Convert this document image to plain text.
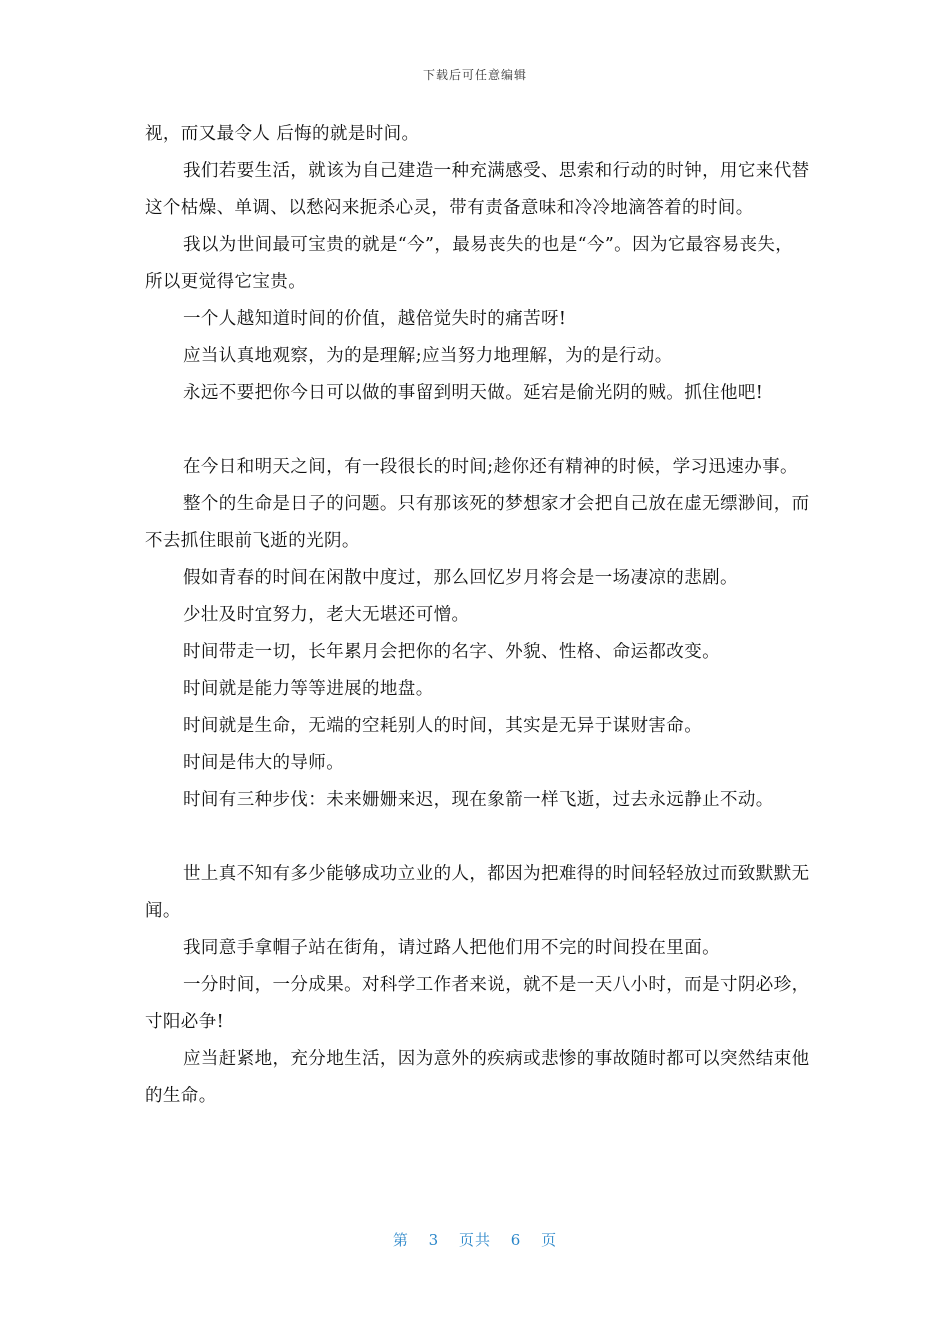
下载后可任意编辑

视，而又最令人 后悔的就是时间。

我们若要生活，就该为自己建造一种充满感受、思索和行动的时钟，用它来代替这个枯燥、单调、以愁闷来扼杀心灵，带有责备意味和冷冷地滴答着的时间。

我以为世间最可宝贵的就是“今”，最易丧失的也是“今”。因为它最容易丧失，所以更觉得它宝贵。

一个人越知道时间的价值，越倍觉失时的痛苦呀!

应当认真地观察，为的是理解;应当努力地理解，为的是行动。

永远不要把你今日可以做的事留到明天做。延宕是偷光阴的贼。抓住他吧!

在今日和明天之间，有一段很长的时间;趁你还有精神的时候，学习迅速办事。

整个的生命是日子的问题。只有那该死的梦想家才会把自己放在虚无缥渺间，而不去抓住眼前飞逝的光阴。

假如青春的时间在闲散中度过，那么回忆岁月将会是一场凄凉的悲剧。

少壮及时宜努力，老大无堪还可憎。

时间带走一切，长年累月会把你的名字、外貌、性格、命运都改变。

时间就是能力等等进展的地盘。

时间就是生命，无端的空耗别人的时间，其实是无异于谋财害命。

时间是伟大的导师。

时间有三种步伐：未来姗姗来迟，现在象箭一样飞逝，过去永远静止不动。

世上真不知有多少能够成功立业的人，都因为把难得的时间轻轻放过而致默默无闻。

我同意手拿帽子站在街角，请过路人把他们用不完的时间投在里面。

一分时间，一分成果。对科学工作者来说，就不是一天八小时，而是寸阴必珍，寸阳必争!

应当赶紧地，充分地生活，因为意外的疾病或悲惨的事故随时都可以突然结束他的生命。

第 3 页共 6 页
